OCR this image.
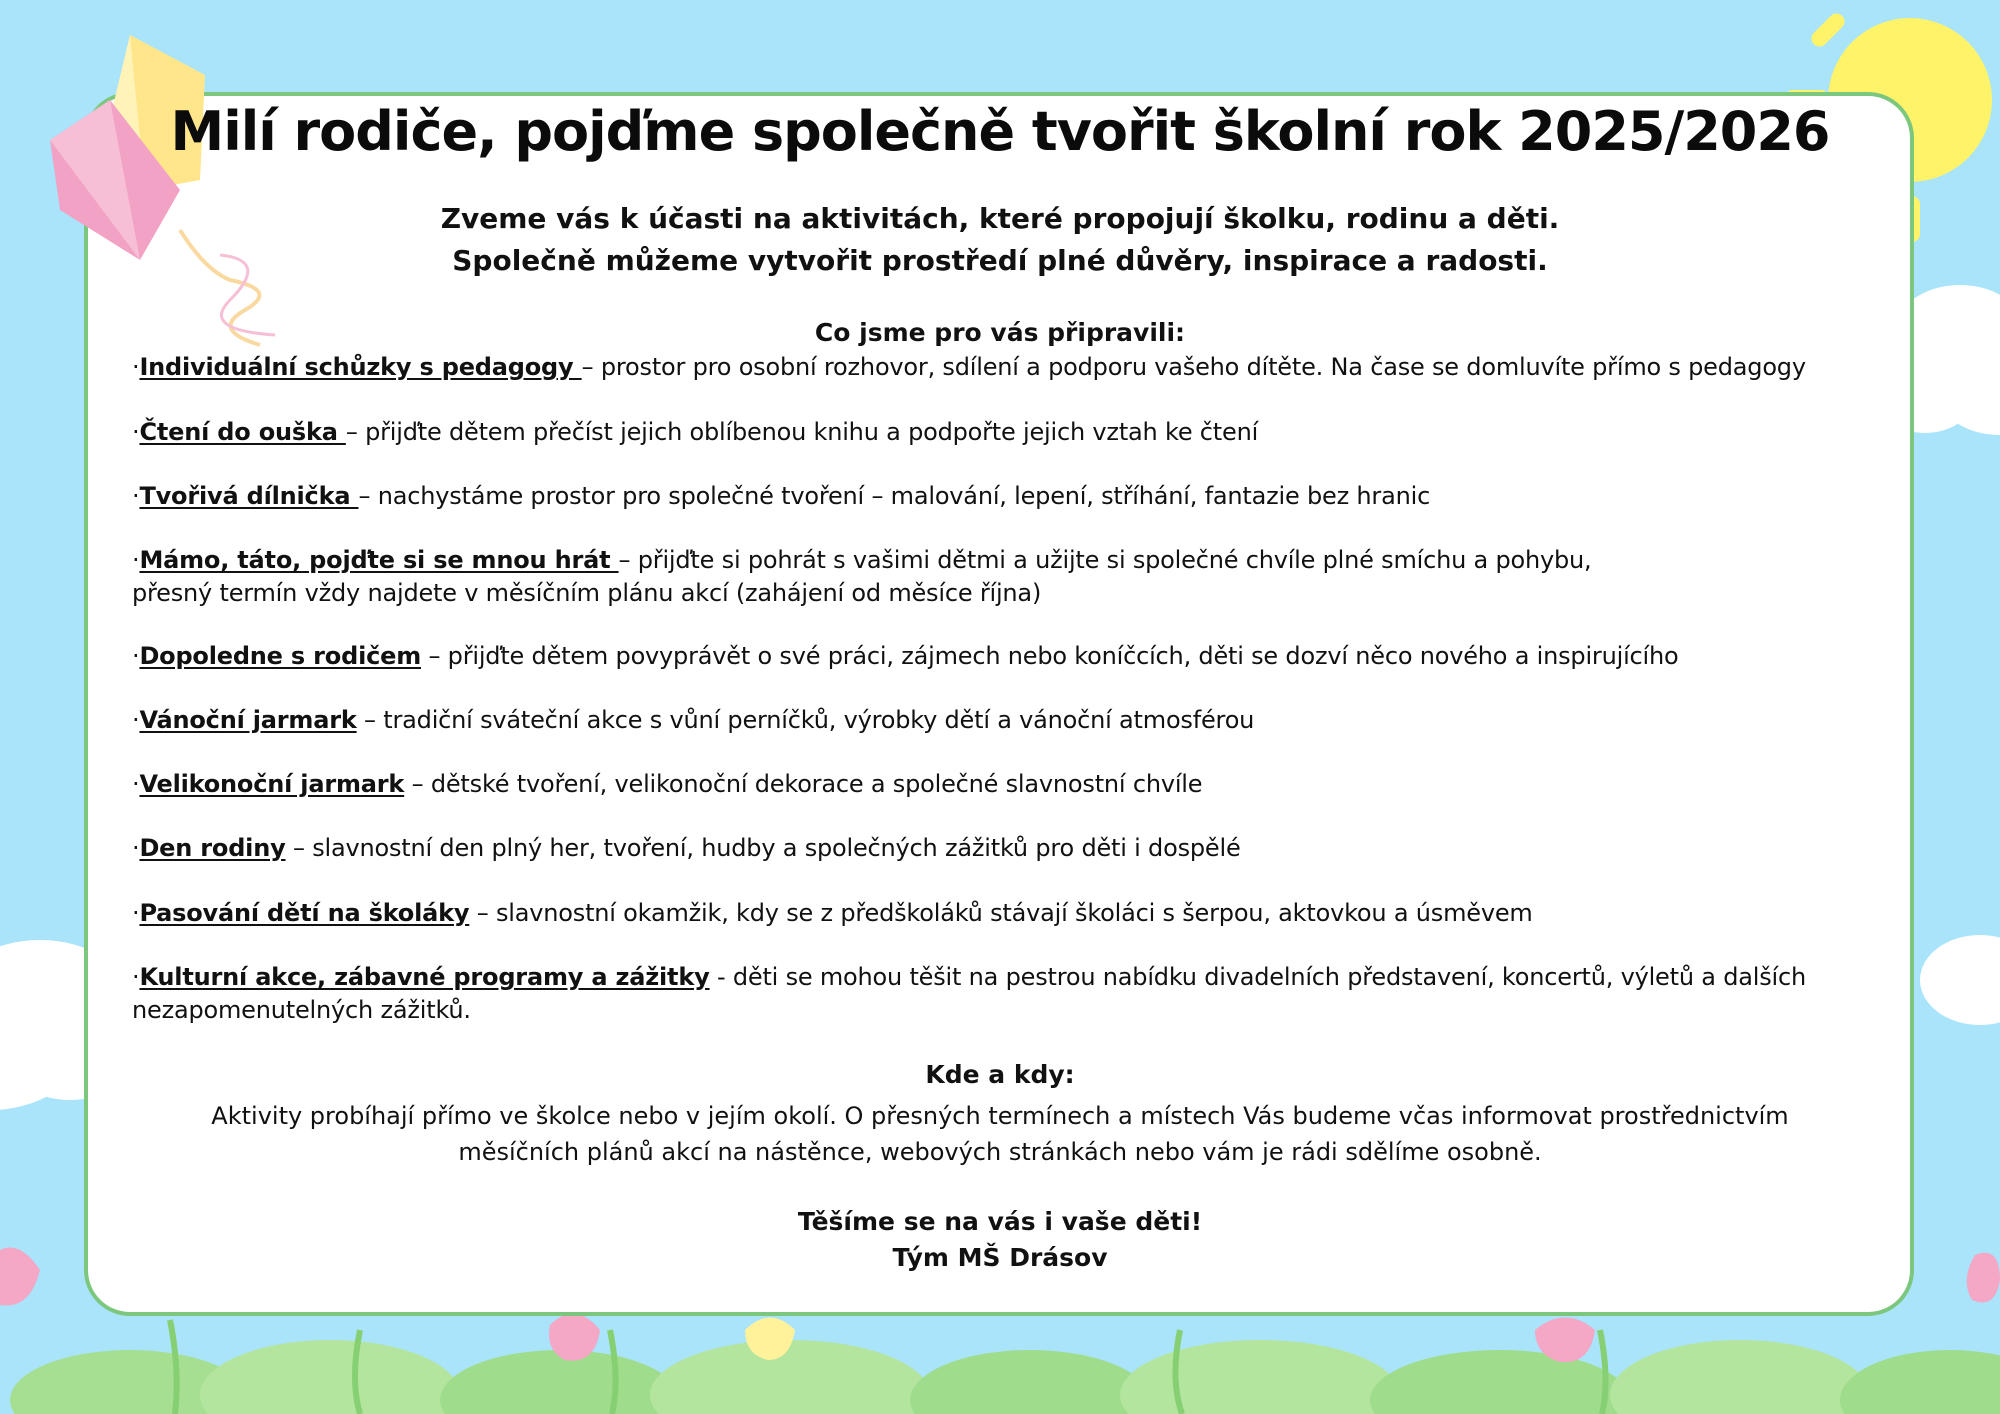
Milí rodiče, pojďme společně tvořit školní rok 2025/2026
Zveme vás k účasti na aktivitách, které propojují školku, rodinu a děti.
Společně můžeme vytvořit prostředí plné důvěry, inspirace a radosti.
Co jsme pro vás připravili:
·Individuální schůzky s pedagogy – prostor pro osobní rozhovor, sdílení a podporu vašeho dítěte. Na čase se domluvíte přímo s pedagogy
·Čtení do ouška – přijďte dětem přečíst jejich oblíbenou knihu a podpořte jejich vztah ke čtení
·Tvořivá dílnička – nachystáme prostor pro společné tvoření – malování, lepení, stříhání, fantazie bez hranic
·Mámo, táto, pojďte si se mnou hrát – přijďte si pohrát s vašimi dětmi a užijte si společné chvíle plné smíchu a pohybu,
přesný termín vždy najdete v měsíčním plánu akcí (zahájení od měsíce října)
·Dopoledne s rodičem – přijďte dětem povyprávět o své práci, zájmech nebo koníčcích, děti se dozví něco nového a inspirujícího
·Vánoční jarmark – tradiční sváteční akce s vůní perníčků, výrobky dětí a vánoční atmosférou
·Velikonoční jarmark – dětské tvoření, velikonoční dekorace a společné slavnostní chvíle
·Den rodiny – slavnostní den plný her, tvoření, hudby a společných zážitků pro děti i dospělé
·Pasování dětí na školáky – slavnostní okamžik, kdy se z předškoláků stávají školáci s šerpou, aktovkou a úsměvem
·Kulturní akce, zábavné programy a zážitky - děti se mohou těšit na pestrou nabídku divadelních představení, koncertů, výletů a dalších
nezapomenutelných zážitků.
Kde a kdy:
Aktivity probíhají přímo ve školce nebo v jejím okolí. O přesných termínech a místech Vás budeme včas informovat prostřednictvím
měsíčních plánů akcí na nástěnce, webových stránkách nebo vám je rádi sdělíme osobně.
Těšíme se na vás i vaše děti!
Tým MŠ Drásov
